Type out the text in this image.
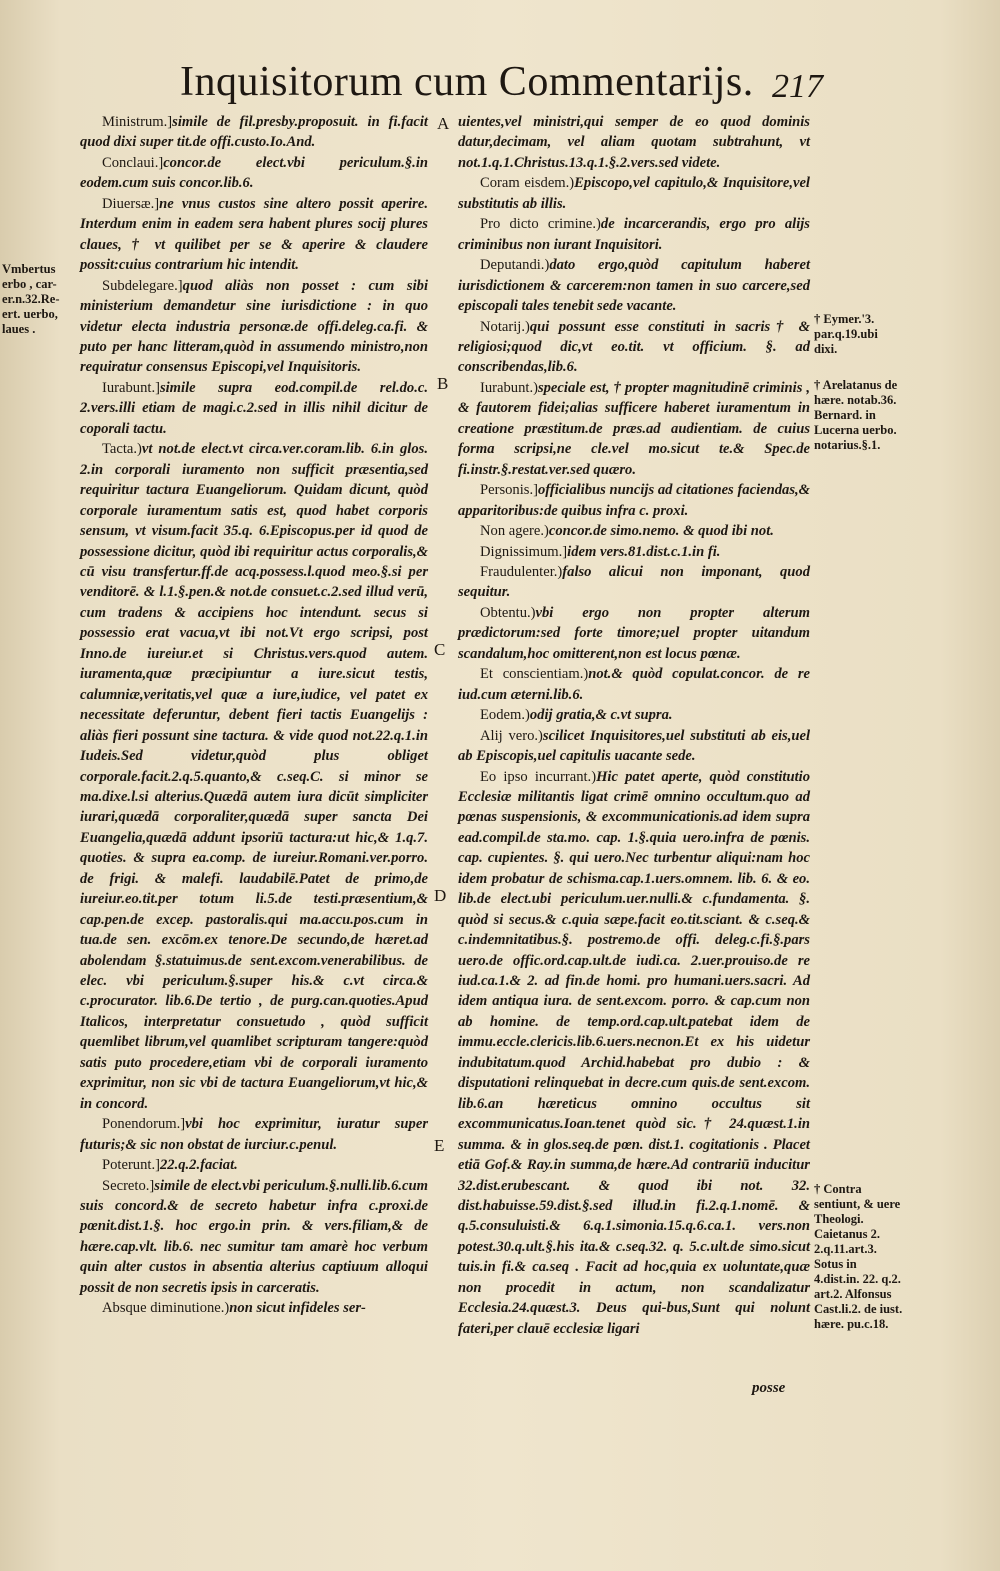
Inquisitorum cum Commentarijs. 217

Ministrum.]simile de fil.presby.proposuit. in fi.facit quod dixi super tit.de offi.custo.Io.And.

Conclaui.]concor.de elect.vbi periculum.§.in eodem.cum suis concor.lib.6.

Diuersæ.]ne vnus custos sine altero possit aperire. Interdum enim in eadem sera habent plures socij plures claues, † vt quilibet per se & aperire & claudere possit:cuius contrarium hic intendit.

Subdelegare.]quod aliàs non posset : cum sibi ministerium demandetur sine iurisdictione : in quo videtur electa industria personæ.de offi.deleg.ca.fi. & puto per hanc litteram,quòd in assumendo ministro,non requiratur consensus Episcopi,vel Inquisitoris.

Iurabunt.]simile supra eod.compil.de rel.do.c. 2.vers.illi etiam de magi.c.2.sed in illis nihil dicitur de coporali tactu.

Tacta.)vt not.de elect.vt circa.ver.coram.lib. 6.in glos. 2.in corporali iuramento non sufficit præsentia,sed requiritur tactura Euangeliorum. Quidam dicunt, quòd corporale iuramentum satis est, quod habet corporis sensum, vt visum.facit 35.q. 6.Episcopus.per id quod de possessione dicitur, quòd ibi requiritur actus corporalis,& cū visu transfertur.ff.de acq.possess.l.quod meo.§.si per venditorē. & l.1.§.pen.& not.de consuet.c.2.sed illud verū, cum tradens & accipiens hoc intendunt. secus si possessio erat vacua,vt ibi not.Vt ergo scripsi, post Inno.de iureiur.et si Christus.vers.quod autem. iuramenta,quæ præcipiuntur a iure.sicut testis, calumniæ,veritatis,vel quæ a iure,iudice, vel patet ex necessitate deferuntur, debent fieri tactis Euangelijs : aliàs fieri possunt sine tactura. & vide quod not.22.q.1.in Iudeis.Sed videtur,quòd plus obliget corporale.facit.2.q.5.quanto,& c.seq.C. si minor se ma.dixe.l.si alterius.Quædā autem iura dicūt simpliciter iurari,quædā corporaliter,quædā super sancta Dei Euangelia,quædā addunt ipsoriū tactura:ut hic,& 1.q.7. quoties. & supra ea.comp. de iureiur.Romani.ver.porro. de frigi. & malefi. laudabilē.Patet de primo,de iureiur.eo.tit.per totum li.5.de testi.præsentium,& cap.pen.de excep. pastoralis.qui ma.accu.pos.cum in tua.de sen. excōm.ex tenore.De secundo,de hæret.ad abolendam §.statuimus.de sent.excom.venerabilibus. de elec. vbi periculum.§.super his.& c.vt circa.& c.procurator. lib.6.De tertio , de purg.can.quoties.Apud Italicos, interpretatur consuetudo , quòd sufficit quemlibet librum,vel quamlibet scripturam tangere:quòd satis puto procedere,etiam vbi de corporali iuramento exprimitur, non sic vbi de tactura Euangeliorum,vt hic,& in concord.

Ponendorum.]vbi hoc exprimitur, iuratur super futuris;& sic non obstat de iurciur.c.penul.

Poterunt.]22.q.2.faciat.

Secreto.]simile de elect.vbi periculum.§.nulli.lib.6.cum suis concord.& de secreto habetur infra c.proxi.de pœnit.dist.1.§. hoc ergo.in prin. & vers.filiam,& de hære.cap.vlt. lib.6. nec sumitur tam amarè hoc verbum quin alter custos in absentia alterius captiuum alloqui possit de non secretis ipsis in carceratis.

Absque diminutione.)non sicut infideles ser-

uientes,vel ministri,qui semper de eo quod dominis datur,decimam, vel aliam quotam subtrahunt, vt not.1.q.1.Christus.13.q.1.§.2.vers.sed videte.

Coram eisdem.)Episcopo,vel capitulo,& Inquisitore,vel substitutis ab illis.

Pro dicto crimine.)de incarcerandis, ergo pro alijs criminibus non iurant Inquisitori.

Deputandi.)dato ergo,quòd capitulum haberet iurisdictionem & carcerem:non tamen in suo carcere,sed episcopali tales tenebit sede vacante.

Notarij.)qui possunt esse constituti in sacris† & religiosi;quod dic,vt eo.tit. vt officium. §. ad conscribendas,lib.6.

Iurabunt.)speciale est, † propter magnitudinē criminis , & fautorem fidei;alias sufficere haberet iuramentum in creatione præstitum.de præs.ad audientiam. de cuius forma scripsi,ne cle.vel mo.sicut te.& Spec.de fi.instr.§.restat.ver.sed quæro.

Personis.]officialibus nuncijs ad citationes faciendas,& apparitoribus:de quibus infra c. proxi.

Non agere.)concor.de simo.nemo. & quod ibi not.

Dignissimum.]idem vers.81.dist.c.1.in fi.

Fraudulenter.)falso alicui non imponant, quod sequitur.

Obtentu.)vbi ergo non propter alterum prædictorum:sed forte timore;uel propter uitandum scandalum,hoc omitterent,non est locus pœnæ.

Et conscientiam.)not.& quòd copulat.concor. de re iud.cum æterni.lib.6.

Eodem.)odij gratia,& c.vt supra.

Alij vero.)scilicet Inquisitores,uel substituti ab eis,uel ab Episcopis,uel capitulis uacante sede.

Eo ipso incurrant.)Hic patet aperte, quòd constitutio Ecclesiæ militantis ligat crimē omnino occultum.quo ad pœnas suspensionis, & excommunicationis.ad idem supra ead.compil.de sta.mo. cap. 1.§.quia uero.infra de pœnis. cap. cupientes. §. qui uero.Nec turbentur aliqui:nam hoc idem probatur de schisma.cap.1.uers.omnem. lib. 6. & eo. lib.de elect.ubi periculum.uer.nulli.& c.fundamenta. §. quòd si secus.& c.quia sæpe.facit eo.tit.sciant. & c.seq.& c.indemnitatibus.§. postremo.de offi. deleg.c.fi.§.pars uero.de offic.ord.cap.ult.de iudi.ca. 2.uer.prouiso.de re iud.ca.1.& 2. ad fin.de homi. pro humani.uers.sacri. Ad idem antiqua iura. de sent.excom. porro. & cap.cum non ab homine. de temp.ord.cap.ult.patebat idem de immu.eccle.clericis.lib.6.uers.necnon.Et ex his uidetur indubitatum.quod Archid.habebat pro dubio : & disputationi relinquebat in decre.cum quis.de sent.excom. lib.6.an hæreticus omnino occultus sit excommunicatus.Ioan.tenet quòd sic.† 24.quæst.1.in summa. & in glos.seq.de pœn. dist.1. cogitationis . Placet etiā Gof.& Ray.in summa,de hære.Ad contrariū inducitur 32.dist.erubescant. & quod ibi not. 32. dist.habuisse.59.dist.§.sed illud.in fi.2.q.1.nomē. & q.5.consuluisti.& 6.q.1.simonia.15.q.6.ca.1. vers.non potest.30.q.ult.§.his ita.& c.seq.32. q. 5.c.ult.de simo.sicut tuis.in fi.& ca.seq . Facit ad hoc,quia ex uoluntate,quæ non procedit in actum, non scandalizatur Ecclesia.24.quæst.3. Deus qui-bus,Sunt qui nolunt fateri,per clauē ecclesiæ ligari

A
B
C
D
E
Vmbertus
erbo , car-
er.n.32.Re-
ert. uerbo,
laues .
† Eymer.'3. par.q.19.ubi dixi.
† Arelatanus de hære. notab.36. Bernard. in Lucerna uerbo. notarius.§.1.
† Contra sentiunt, & uere Theologi. Caietanus 2. 2.q.11.art.3. Sotus in 4.dist.in. 22. q.2. art.2. Alfonsus Cast.li.2. de iust. hære. pu.c.18.
posse
